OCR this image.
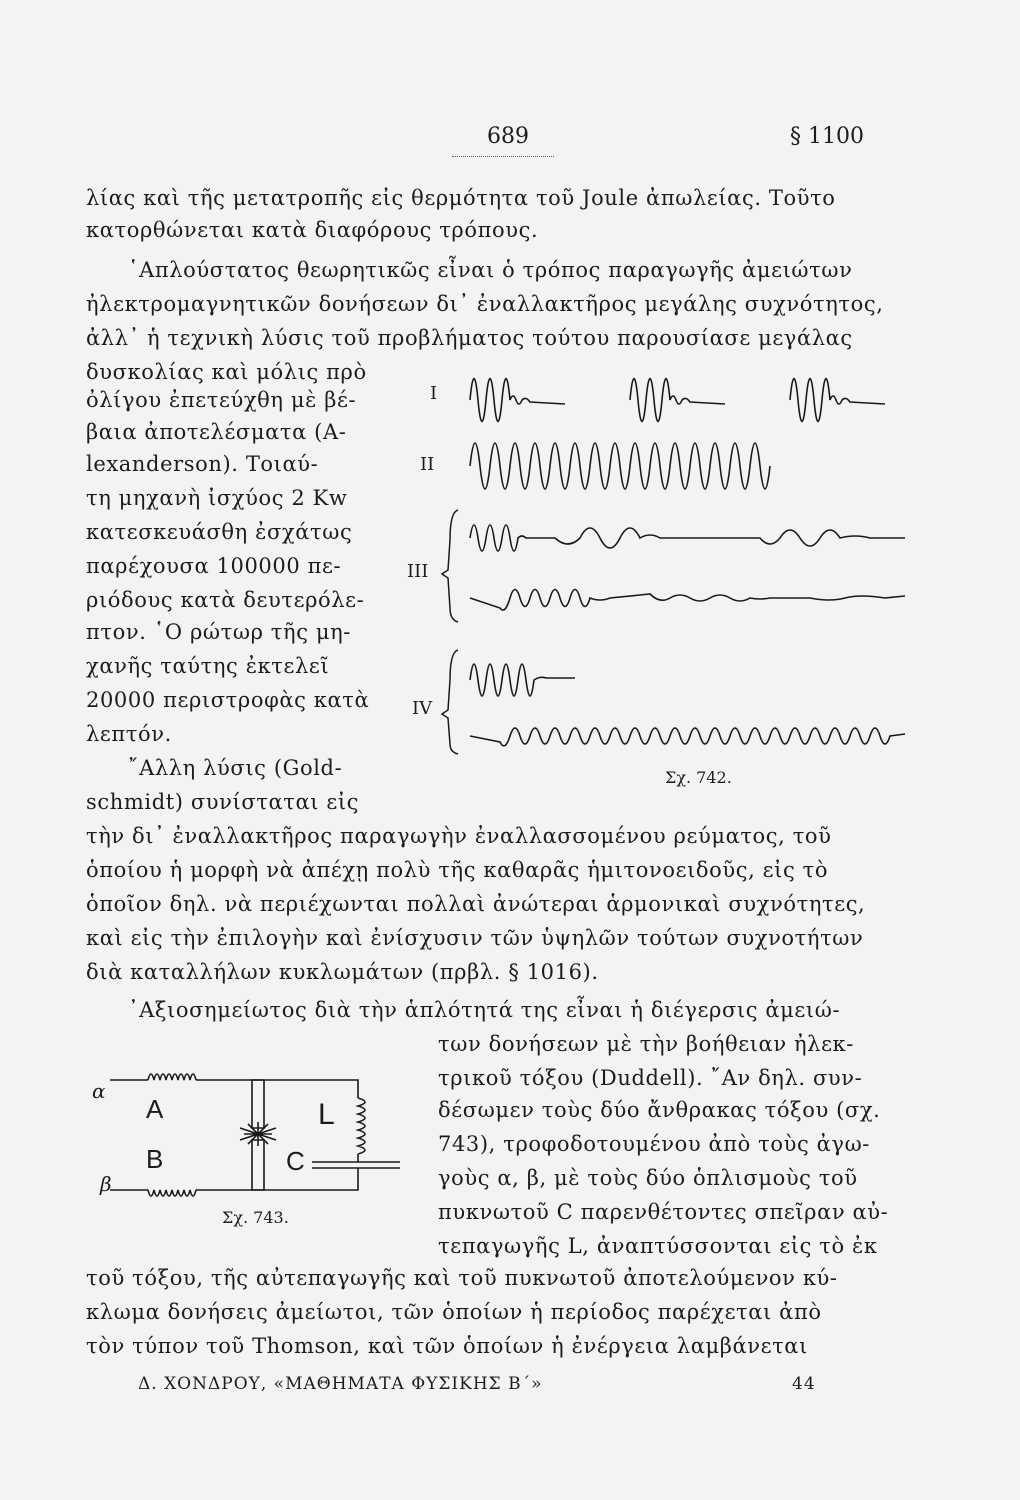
689	§ 1100
λίας καὶ τῆς μετατροπῆς εἰς θερμότητα τοῦ Joule ἀπωλείας. Τοῦτο
κατορθώνεται κατὰ διαφόρους τρόπους.
῾Απλούστατος θεωρητικῶς εἶναι ὁ τρόπος παραγωγῆς ἀμειώτων
ἠλεκτρομαγνητικῶν δονήσεων δι᾿ ἐναλλακτῆρος μεγάλης συχνότητος,
ἀλλ᾿ ἡ τεχνικὴ λύσις τοῦ προβλήματος τούτου παρουσίασε μεγάλας
δυσκολίας καὶ μόλις πρὸ
ὀλίγου ἐπετεύχθη μὲ βέ-
βαια ἀποτελέσματα (Α-
lexanderson). Τοιαύ-
τη μηχανὴ ἰσχύος 2 Kw
κατεσκευάσθη ἐσχάτως
παρέχουσα 100000 πε-
ριόδους κατὰ δευτερόλε-
πτον. ῾Ο ρώτωρ τῆς μη-
χανῆς ταύτης ἐκτελεῖ
20000 περιστροφὰς κατὰ
λεπτόν.
῎Αλλη λύσις (Gold-
schmidt) συνίσταται εἰς
I
II
III
IV
Σχ. 742.
τὴν δι᾿ ἐναλλακτῆρος παραγωγὴν ἐναλλασσομένου ρεύματος, τοῦ
ὁποίου ἡ μορφὴ νὰ ἀπέχῃ πολὺ τῆς καθαρᾶς ἡμιτονοειδοῦς, εἰς τὸ
ὁποῖον δηλ. νὰ περιέχωνται πολλαὶ ἀνώτεραι ἁρμονικαὶ συχνότητες,
καὶ εἰς τὴν ἐπιλογὴν καὶ ἐνίσχυσιν τῶν ὑψηλῶν τούτων συχνοτήτων
διὰ καταλλήλων κυκλωμάτων (πρβλ. § 1016).
᾿Αξιοσημείωτος διὰ τὴν ἁπλότητά της εἶναι ἡ διέγερσις ἀμειώ-
των δονήσεων μὲ τὴν βοήθειαν ἠλεκ-
τρικοῦ τόξου (Duddell). ῎Αν δηλ. συν-
δέσωμεν τοὺς δύο ἄνθρακας τόξου (σχ.
743), τροφοδοτουμένου ἀπὸ τοὺς ἀγω-
γοὺς α, β, μὲ τοὺς δύο ὁπλισμοὺς τοῦ
πυκνωτοῦ C παρενθέτοντες σπεῖραν αὐ-
τεπαγωγῆς L, ἀναπτύσσονται εἰς τὸ ἐκ
α
A
B
β
L
C
Σχ. 743.
τοῦ τόξου, τῆς αὐτεπαγωγῆς καὶ τοῦ πυκνωτοῦ ἀποτελούμενον κύ-
κλωμα δονήσεις ἀμείωτοι, τῶν ὁποίων ἡ περίοδος παρέχεται ἀπὸ
τὸν τύπον τοῦ Thomson, καὶ τῶν ὁποίων ἡ ἐνέργεια λαμβάνεται
Δ. ΧΟΝΔΡΟΥ, «ΜΑΘΗΜΑΤΑ ΦΥΣΙΚΗΣ Β΄»	44
